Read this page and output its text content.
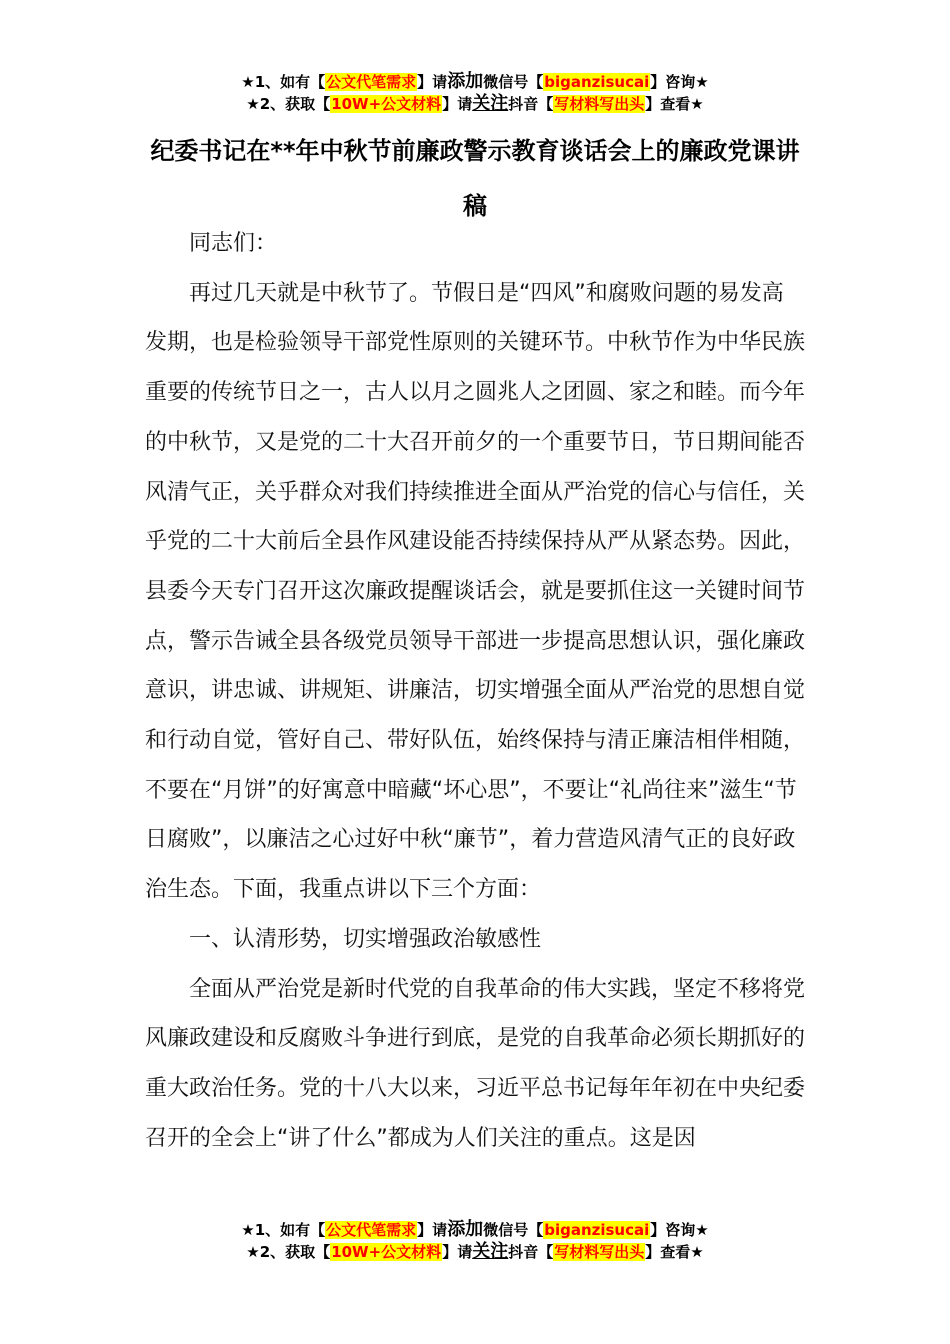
★1、如有【公文代笔需求】请添加微信号【biganzisucai】咨询★
★2、获取【10W+公文材料】请关注抖音【写材料写出头】查看★
纪委书记在**年中秋节前廉政警示教育谈话会上的廉政党课讲稿

同志们：

再过几天就是中秋节了。节假日是“四风”和腐败问题的易发高发期，也是检验领导干部党性原则的关键环节。中秋节作为中华民族重要的传统节日之一，古人以月之圆兆人之团圆、家之和睦。而今年的中秋节，又是党的二十大召开前夕的一个重要节日，节日期间能否风清气正，关乎群众对我们持续推进全面从严治党的信心与信任，关乎党的二十大前后全县作风建设能否持续保持从严从紧态势。因此，县委今天专门召开这次廉政提醒谈话会，就是要抓住这一关键时间节点，警示告诫全县各级党员领导干部进一步提高思想认识，强化廉政意识，讲忠诚、讲规矩、讲廉洁，切实增强全面从严治党的思想自觉和行动自觉，管好自己、带好队伍，始终保持与清正廉洁相伴相随，不要在“月饼”的好寓意中暗藏“坏心思”，不要让“礼尚往来”滋生“节日腐败”，以廉洁之心过好中秋“廉节”，着力营造风清气正的良好政治生态。下面，我重点讲以下三个方面：

一、认清形势，切实增强政治敏感性

全面从严治党是新时代党的自我革命的伟大实践，坚定不移将党风廉政建设和反腐败斗争进行到底，是党的自我革命必须长期抓好的重大政治任务。党的十八大以来，习近平总书记每年年初在中央纪委召开的全会上“讲了什么”都成为人们关注的重点。这是因

★1、如有【公文代笔需求】请添加微信号【biganzisucai】咨询★
★2、获取【10W+公文材料】请关注抖音【写材料写出头】查看★
